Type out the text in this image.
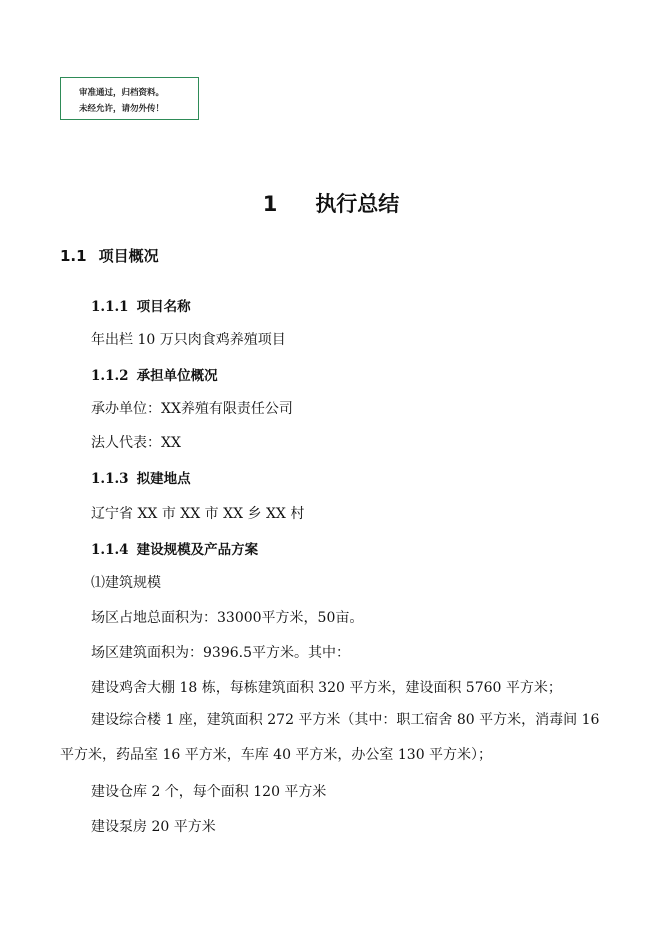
审准通过，归档资料。
未经允许，请勿外传！
1 执行总结
1.1 项目概况
1.1.1 项目名称
年出栏 10 万只肉食鸡养殖项目
1.1.2 承担单位概况
承办单位：XX养殖有限责任公司
法人代表：XX
1.1.3 拟建地点
辽宁省 XX 市 XX 市 XX 乡 XX 村
1.1.4 建设规模及产品方案
⑴建筑规模
场区占地总面积为：33000平方米，50亩。
场区建筑面积为：9396.5平方米。其中：
建设鸡舍大棚 18 栋，每栋建筑面积 320 平方米，建设面积 5760 平方米；
建设综合楼 1 座，建筑面积 272 平方米（其中：职工宿舍 80 平方米，消毒间 16 平方米，药品室 16 平方米，车库 40 平方米，办公室 130 平方米）；
建设仓库 2 个，每个面积 120 平方米
建设泵房 20 平方米
